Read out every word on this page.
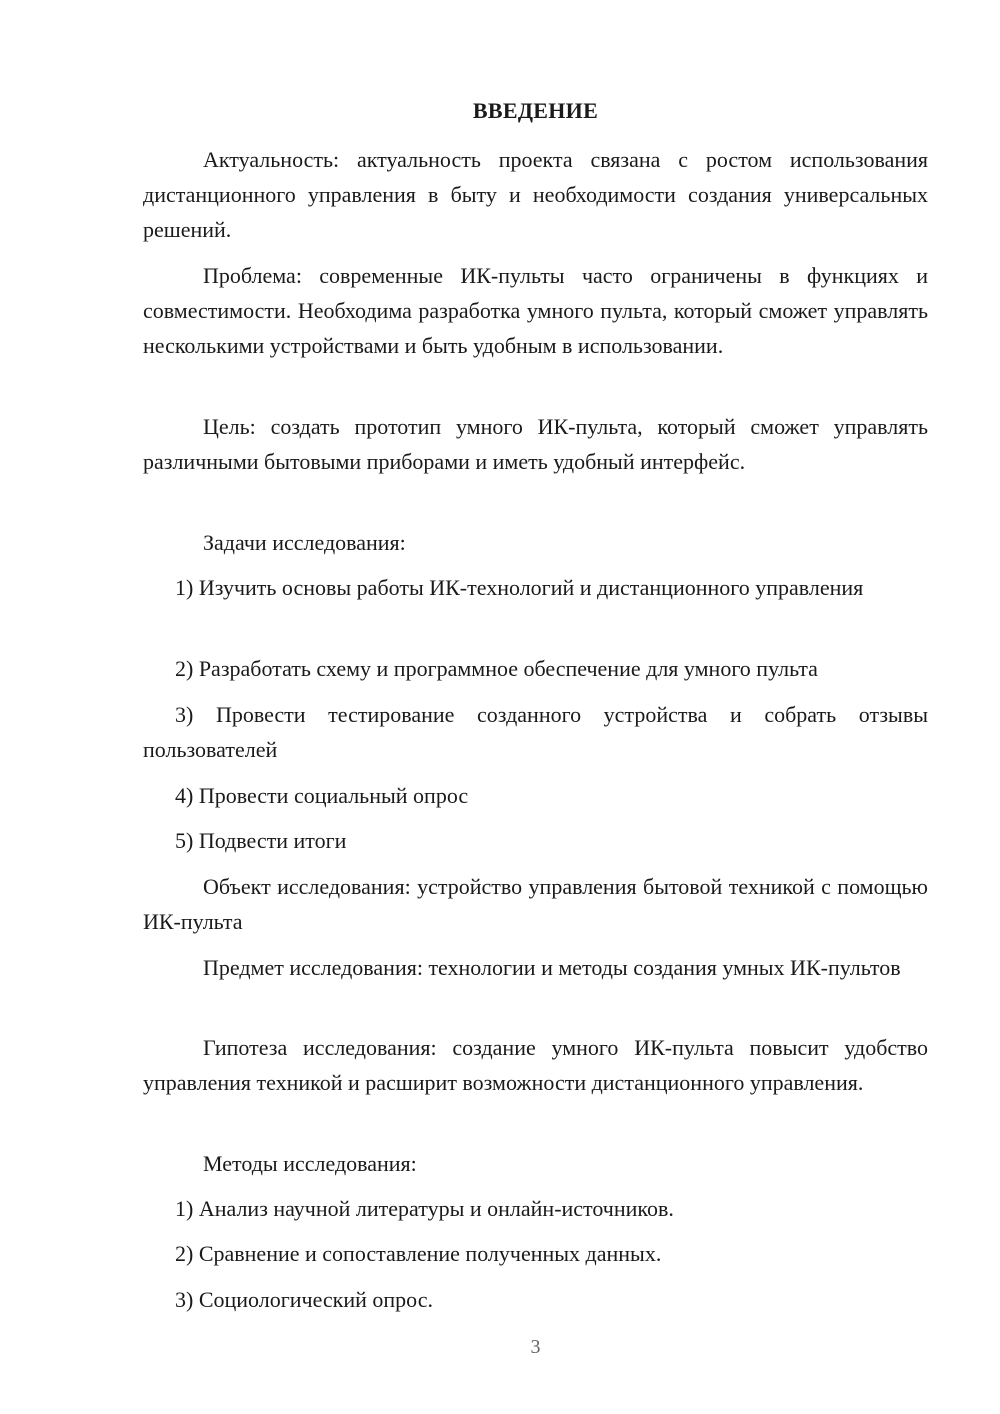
ВВЕДЕНИЕ

Актуальность: актуальность проекта связана с ростом использования дистанционного управления в быту и необходимости создания универсальных решений.

Проблема: современные ИК-пульты часто ограничены в функциях и совместимости. Необходима разработка умного пульта, который сможет управлять несколькими устройствами и быть удобным в использовании.

Цель: создать прототип умного ИК-пульта, который сможет управлять различными бытовыми приборами и иметь удобный интерфейс.

Задачи исследования:

1) Изучить основы работы ИК-технологий и дистанционного управления

2) Разработать схему и программное обеспечение для умного пульта

3) Провести тестирование созданного устройства и собрать отзывы пользователей

4) Провести социальный опрос

5) Подвести итоги

Объект исследования: устройство управления бытовой техникой с помощью ИК-пульта

Предмет исследования: технологии и методы создания умных ИК-пультов

Гипотеза исследования: создание умного ИК-пульта повысит удобство управления техникой и расширит возможности дистанционного управления.

Методы исследования:

1) Анализ научной литературы и онлайн-источников.

2) Сравнение и сопоставление полученных данных.

3) Социологический опрос.

3
